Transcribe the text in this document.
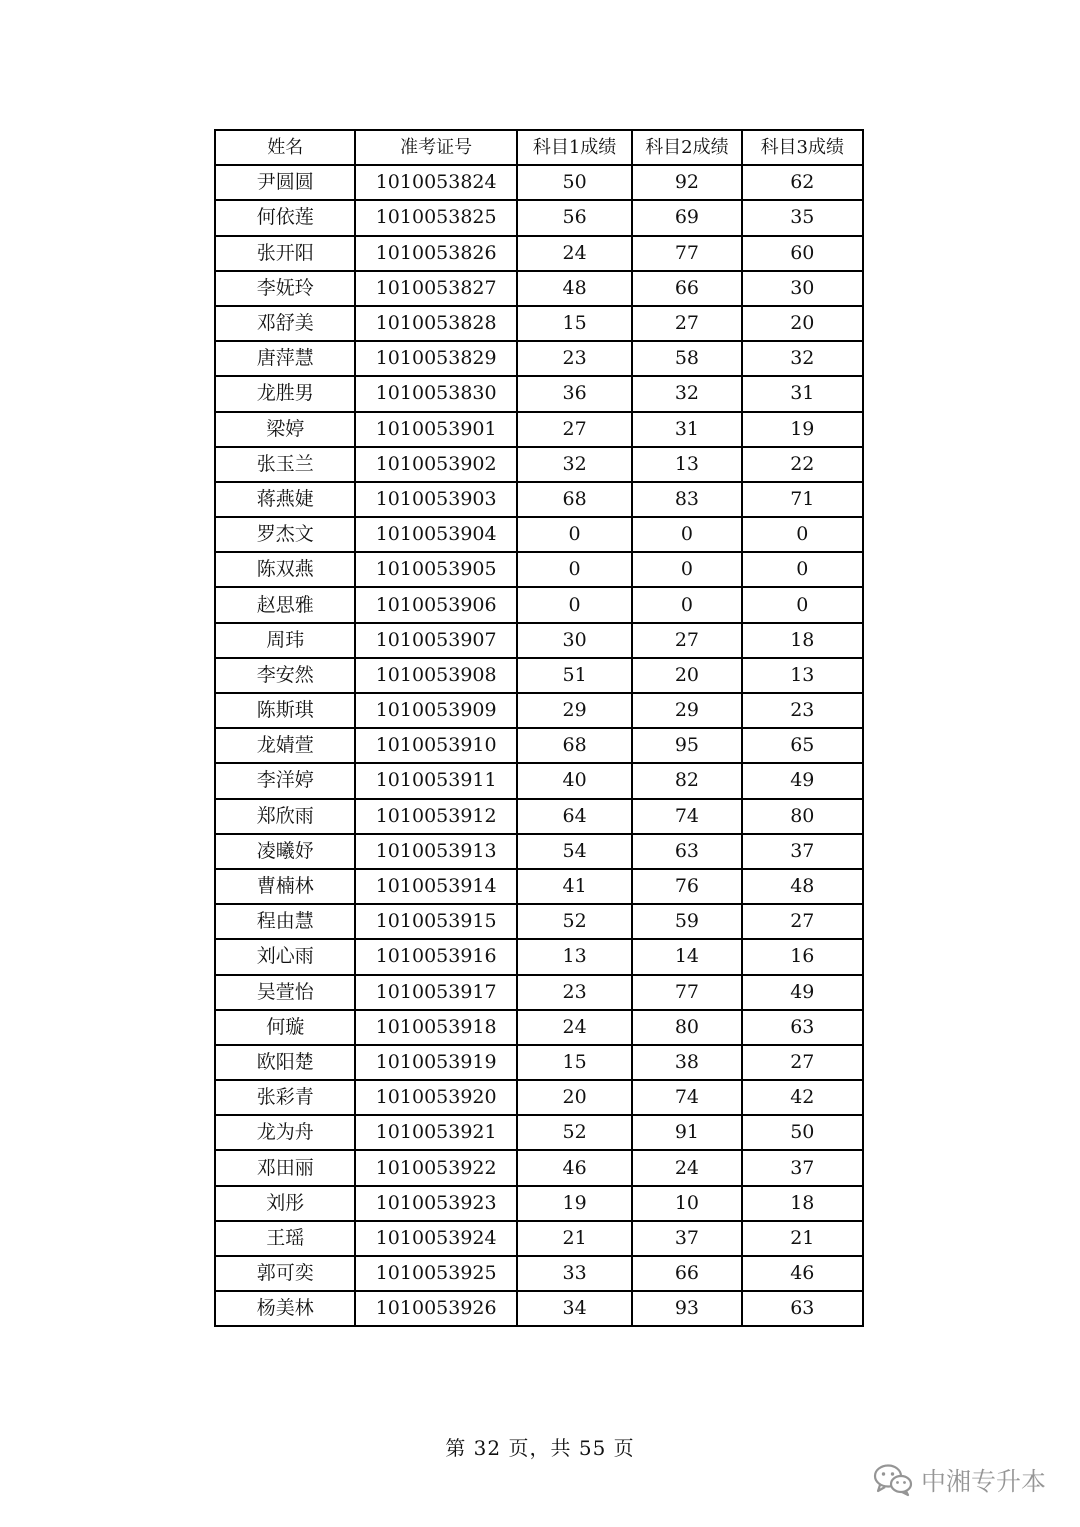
姓名	准考证号	科目1成绩	科目2成绩	科目3成绩
尹圆圆	1010053824	50	92	62
何依莲	1010053825	56	69	35
张开阳	1010053826	24	77	60
李妩玲	1010053827	48	66	30
邓舒美	1010053828	15	27	20
唐萍慧	1010053829	23	58	32
龙胜男	1010053830	36	32	31
梁婷	1010053901	27	31	19
张玉兰	1010053902	32	13	22
蒋燕婕	1010053903	68	83	71
罗杰文	1010053904	0	0	0
陈双燕	1010053905	0	0	0
赵思雅	1010053906	0	0	0
周玮	1010053907	30	27	18
李安然	1010053908	51	20	13
陈斯琪	1010053909	29	29	23
龙婧萱	1010053910	68	95	65
李洋婷	1010053911	40	82	49
郑欣雨	1010053912	64	74	80
凌曦妤	1010053913	54	63	37
曹楠林	1010053914	41	76	48
程由慧	1010053915	52	59	27
刘心雨	1010053916	13	14	16
吴萱怡	1010053917	23	77	49
何璇	1010053918	24	80	63
欧阳楚	1010053919	15	38	27
张彩青	1010053920	20	74	42
龙为舟	1010053921	52	91	50
邓田丽	1010053922	46	24	37
刘彤	1010053923	19	10	18
王瑶	1010053924	21	37	21
郭可奕	1010053925	33	66	46
杨美林	1010053926	34	93	63
第 32 页，共 55 页
中湘专升本
